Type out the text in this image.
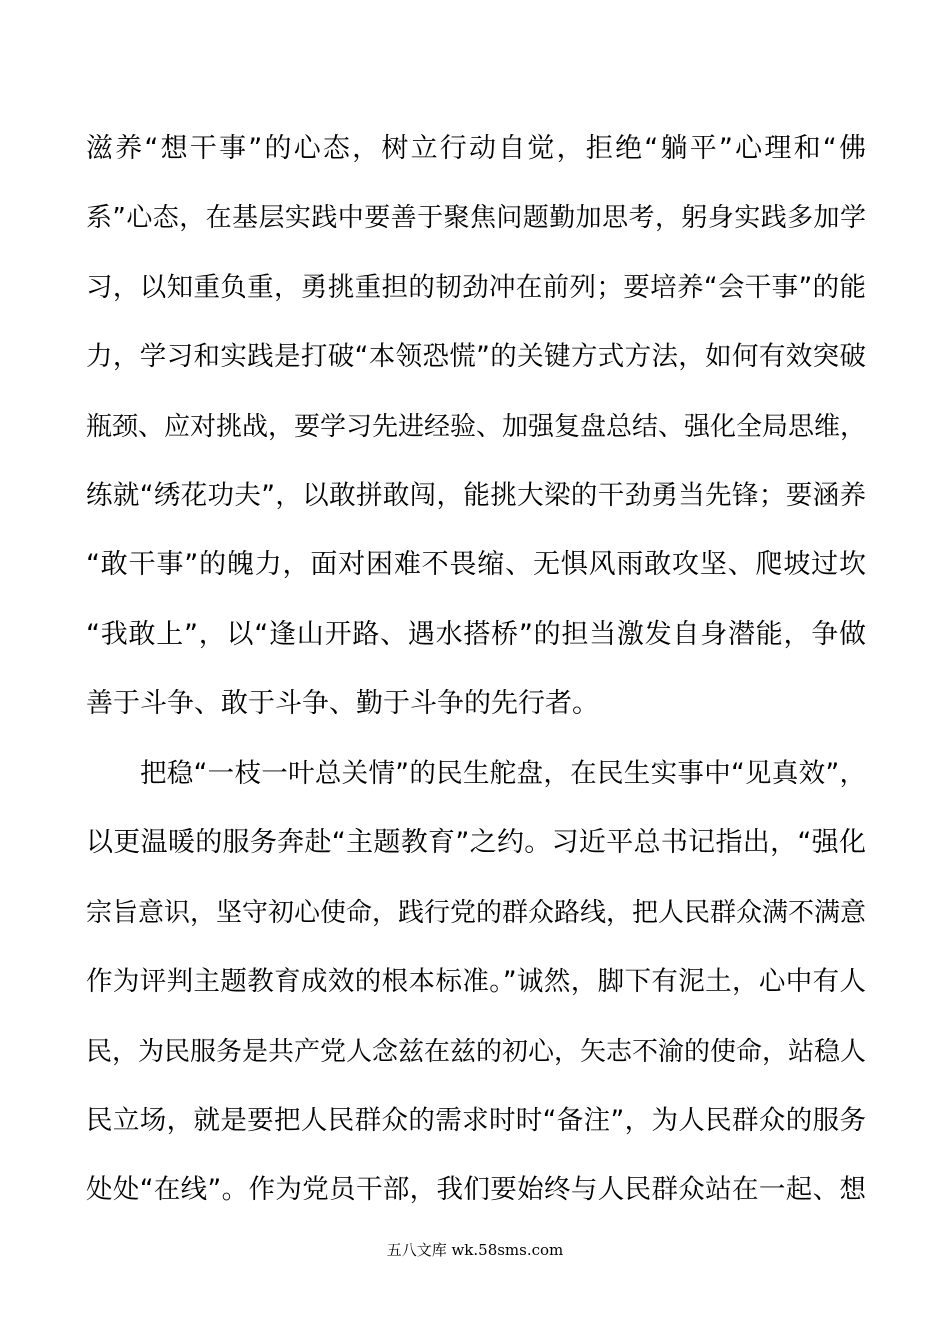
滋养“想干事”的心态，树立行动自觉，拒绝“躺平”心理和“佛
系”心态，在基层实践中要善于聚焦问题勤加思考，躬身实践多加学
习，以知重负重，勇挑重担的韧劲冲在前列；要培养“会干事”的能
力，学习和实践是打破“本领恐慌”的关键方式方法，如何有效突破
瓶颈、应对挑战，要学习先进经验、加强复盘总结、强化全局思维，
练就“绣花功夫”，以敢拼敢闯，能挑大梁的干劲勇当先锋；要涵养
“敢干事”的魄力，面对困难不畏缩、无惧风雨敢攻坚、爬坡过坎
“我敢上”，以“逢山开路、遇水搭桥”的担当激发自身潜能，争做
善于斗争、敢于斗争、勤于斗争的先行者。
把稳“一枝一叶总关情”的民生舵盘，在民生实事中“见真效”，
以更温暖的服务奔赴“主题教育”之约。习近平总书记指出，“强化
宗旨意识，坚守初心使命，践行党的群众路线，把人民群众满不满意
作为评判主题教育成效的根本标准。”诚然，脚下有泥土，心中有人
民，为民服务是共产党人念兹在兹的初心，矢志不渝的使命，站稳人
民立场，就是要把人民群众的需求时时“备注”，为人民群众的服务
处处“在线”。作为党员干部，我们要始终与人民群众站在一起、想
五八文库 wk.58sms.com
